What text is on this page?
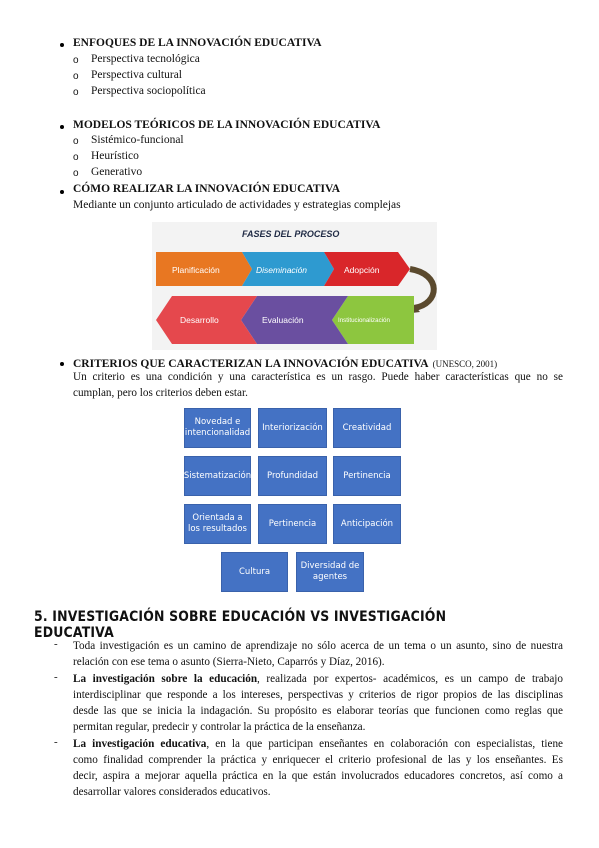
ENFOQUES DE LA INNOVACIÓN EDUCATIVA
o Perspectiva tecnológica
o Perspectiva cultural
o Perspectiva sociopolítica
MODELOS TEÓRICOS DE LA INNOVACIÓN EDUCATIVA
o Sistémico-funcional
o Heurístico
o Generativo
CÓMO REALIZAR LA INNOVACIÓN EDUCATIVA
Mediante un conjunto articulado de actividades y estrategias complejas
FASES DEL PROCESO
Planificación	Diseminación	Adopción
Desarrollo	Evaluación	Institucionalización
CRITERIOS QUE CARACTERIZAN LA INNOVACIÓN EDUCATIVA (UNESCO, 2001)
Un criterio es una condición y una característica es un rasgo. Puede haber características que no se
cumplan, pero los criterios deben estar.
Novedad e intencionalidad
Interiorización	Creatividad
Sistematización	Profundidad	Pertinencia
Orientada a los resultados
Pertinencia	Anticipación
Cultura
Diversidad de agentes
5. INVESTIGACIÓN SOBRE EDUCACIÓN VS INVESTIGACIÓN EDUCATIVA
- Toda investigación es un camino de aprendizaje no sólo acerca de un tema o un asunto, sino de nuestra
relación con ese tema o asunto (Sierra-Nieto, Caparrós y Díaz, 2016).
- La investigación sobre la educación, realizada por expertos- académicos, es un campo de trabajo
interdisciplinar que responde a los intereses, perspectivas y criterios de rigor propios de las disciplinas
desde las que se inicia la indagación. Su propósito es elaborar teorías que funcionen como reglas que
permitan regular, predecir y controlar la práctica de la enseñanza.
- La investigación educativa, en la que participan enseñantes en colaboración con especialistas, tiene
como finalidad comprender la práctica y enriquecer el criterio profesional de las y los enseñantes. Es
decir, aspira a mejorar aquella práctica en la que están involucrados educadores concretos, así como a
desarrollar valores considerados educativos.
